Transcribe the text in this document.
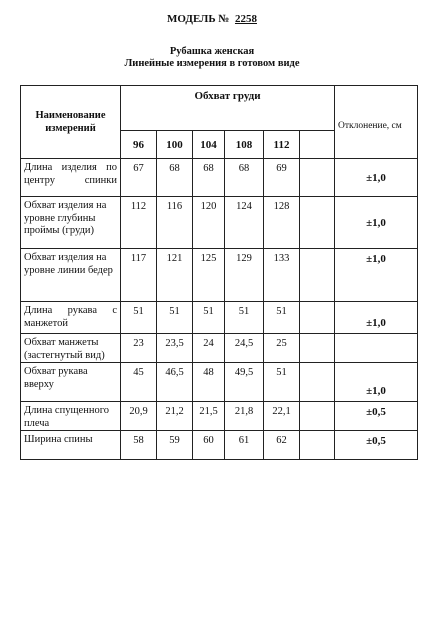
МОДЕЛЬ № 2258
Рубашка женская
Линейные измерения в готовом виде
Наименование измерений	Обхват груди						Отклонение, см
	96	100	104	108	112		
Длина изделия по центру спинки	67	68	68	68	69		±1,0
Обхват изделия на уровне глубины проймы (груди)	112	116	120	124	128		±1,0
Обхват изделия на уровне линии бедер	117	121	125	129	133		±1,0
Длина рукава с манжетой	51	51	51	51	51		±1,0
Обхват манжеты (застегнутый вид)	23	23,5	24	24,5	25		
Обхват рукава вверху	45	46,5	48	49,5	51		±1,0
Длина спущенного плеча	20,9	21,2	21,5	21,8	22,1		±0,5
Ширина спины	58	59	60	61	62		±0,5
